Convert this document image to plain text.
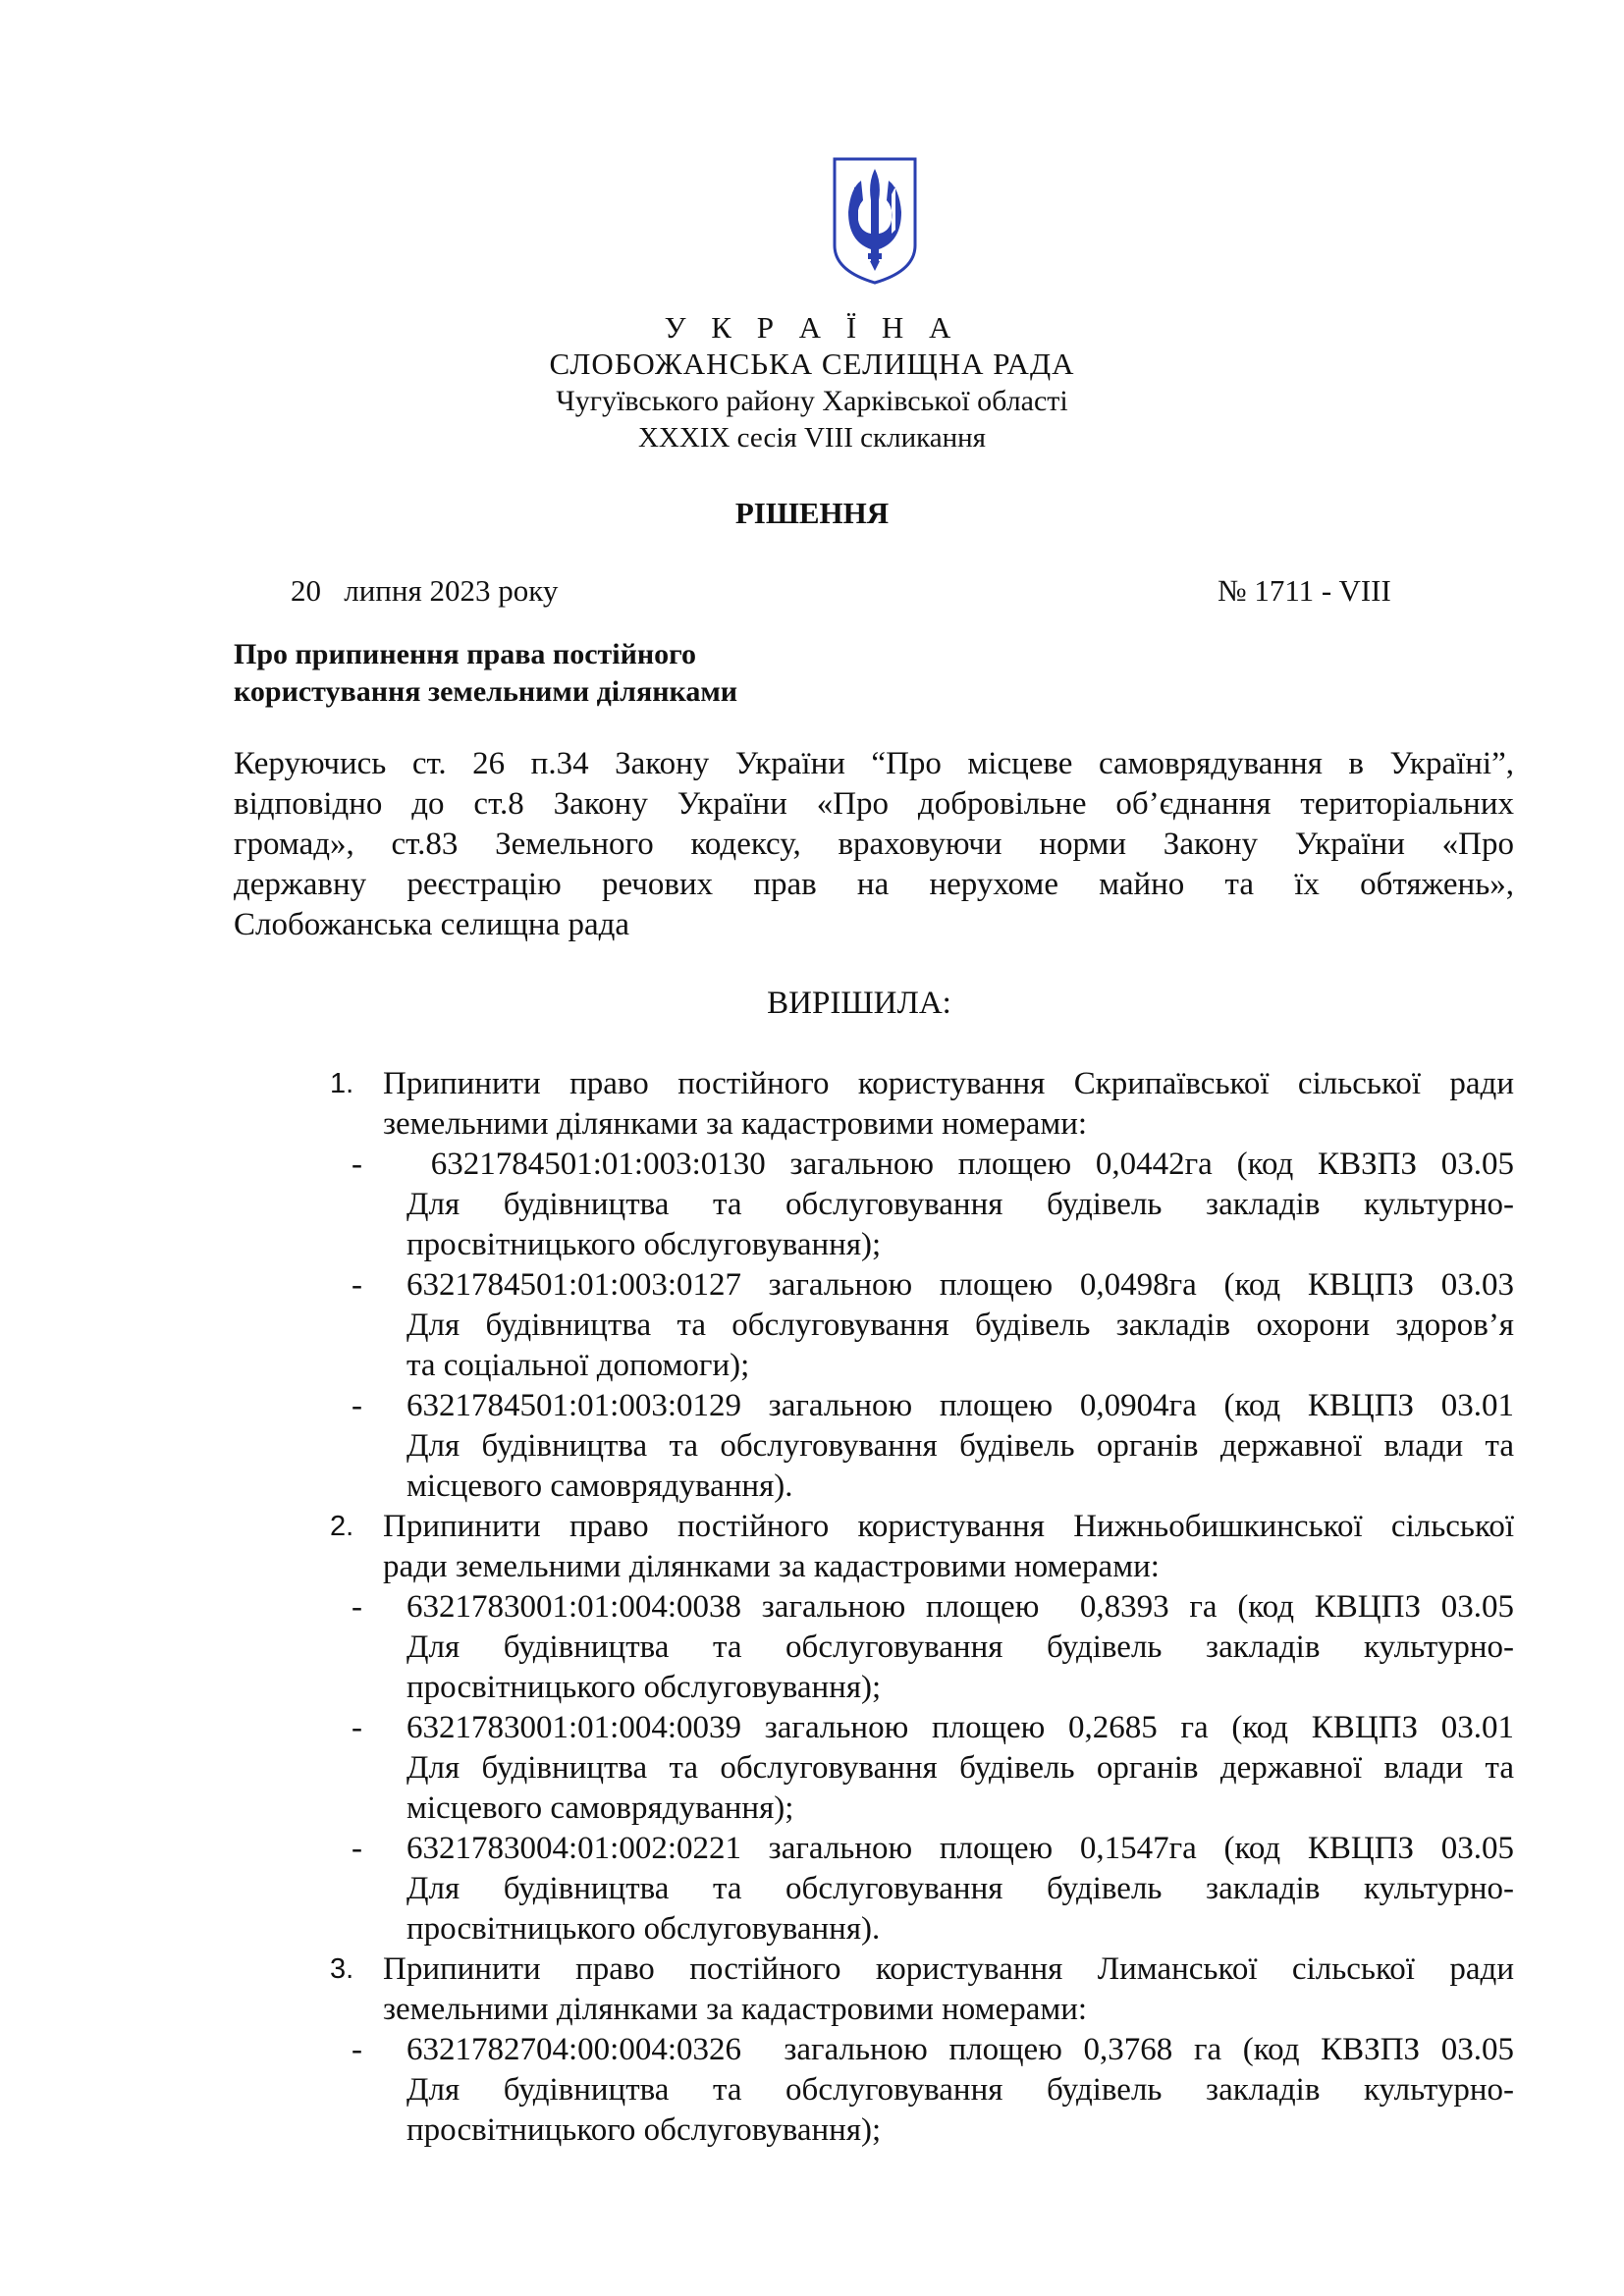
У К Р А Ї Н А
СЛОБОЖАНСЬКА СЕЛИЩНА РАДА
Чугуївського району Харківської області
XXXIX сесія VIII скликання
РІШЕННЯ
20   липня 2023 року	№ 1711 - VIII
Про припинення права постійного
користування земельними ділянками
Керуючись ст. 26 п.34 Закону України “Про місцеве самоврядування в Україні”,
відповідно до ст.8 Закону України «Про добровільне об’єднання територіальних
громад», ст.83 Земельного кодексу, враховуючи норми Закону України «Про
державну реєстрацію речових прав на нерухоме майно та їх обтяжень»,
Слобожанська селищна рада
ВИРІШИЛА:
1. Припинити право постійного користування Скрипаївської сільської ради
земельними ділянками за кадастровими номерами:
- 6321784501:01:003:0130 загальною площею 0,0442га (код КВЗПЗ 03.05
Для будівництва та обслуговування будівель закладів культурно-
просвітницького обслуговування);
- 6321784501:01:003:0127 загальною площею 0,0498га (код КВЦПЗ 03.03
Для будівництва та обслуговування будівель закладів охорони здоров’я
та соціальної допомоги);
- 6321784501:01:003:0129 загальною площею 0,0904га (код КВЦПЗ 03.01
Для будівництва та обслуговування будівель органів державної влади та
місцевого самоврядування).
2. Припинити право постійного користування Нижньобишкинської сільської
ради земельними ділянками за кадастровими номерами:
- 6321783001:01:004:0038 загальною площею  0,8393 га (код КВЦПЗ 03.05
Для будівництва та обслуговування будівель закладів культурно-
просвітницького обслуговування);
- 6321783001:01:004:0039 загальною площею 0,2685 га (код КВЦПЗ 03.01
Для будівництва та обслуговування будівель органів державної влади та
місцевого самоврядування);
- 6321783004:01:002:0221 загальною площею 0,1547га (код КВЦПЗ 03.05
Для будівництва та обслуговування будівель закладів культурно-
просвітницького обслуговування).
3. Припинити право постійного користування Лиманської сільської ради
земельними ділянками за кадастровими номерами:
- 6321782704:00:004:0326  загальною площею 0,3768 га (код КВЗПЗ 03.05
Для будівництва та обслуговування будівель закладів культурно-
просвітницького обслуговування);
